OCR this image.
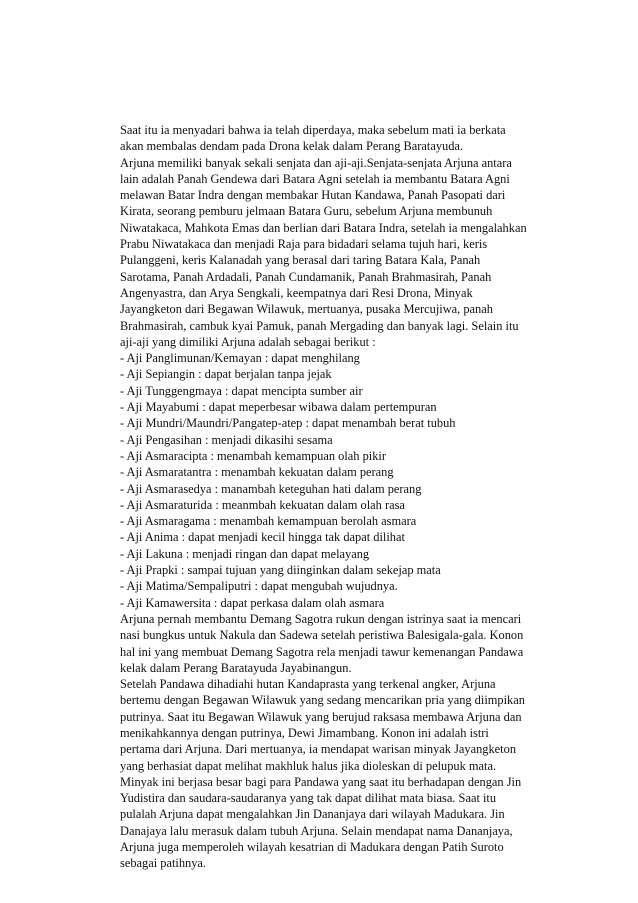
Saat itu ia menyadari bahwa ia telah diperdaya, maka sebelum mati ia berkata
akan membalas dendam pada Drona kelak dalam Perang Baratayuda.
Arjuna memiliki banyak sekali senjata dan aji-aji.Senjata-senjata Arjuna antara
lain adalah Panah Gendewa dari Batara Agni setelah ia membantu Batara Agni
melawan Batar Indra dengan membakar Hutan Kandawa, Panah Pasopati dari
Kirata, seorang pemburu jelmaan Batara Guru, sebelum Arjuna membunuh
Niwatakaca, Mahkota Emas dan berlian dari Batara Indra, setelah ia mengalahkan
Prabu Niwatakaca dan menjadi Raja para bidadari selama tujuh hari, keris
Pulanggeni, keris Kalanadah yang berasal dari taring Batara Kala, Panah
Sarotama, Panah Ardadali, Panah Cundamanik, Panah Brahmasirah, Panah
Angenyastra, dan Arya Sengkali, keempatnya dari Resi Drona, Minyak
Jayangketon dari Begawan Wilawuk, mertuanya, pusaka Mercujiwa, panah
Brahmasirah, cambuk kyai Pamuk, panah Mergading dan banyak lagi. Selain itu
aji-aji yang dimiliki Arjuna adalah sebagai berikut :
- Aji Panglimunan/Kemayan : dapat menghilang
- Aji Sepiangin : dapat berjalan tanpa jejak
- Aji Tunggengmaya : dapat mencipta sumber air
- Aji Mayabumi : dapat meperbesar wibawa dalam pertempuran
- Aji Mundri/Maundri/Pangatep-atep : dapat menambah berat tubuh
- Aji Pengasihan : menjadi dikasihi sesama
- Aji Asmaracipta : menambah kemampuan olah pikir
- Aji Asmaratantra : menambah kekuatan dalam perang
- Aji Asmarasedya : manambah keteguhan hati dalam perang
- Aji Asmaraturida : meanmbah kekuatan dalam olah rasa
- Aji Asmaragama : menambah kemampuan berolah asmara
- Aji Anima : dapat menjadi kecil hingga tak dapat dilihat
- Aji Lakuna : menjadi ringan dan dapat melayang
- Aji Prapki : sampai tujuan yang diinginkan dalam sekejap mata
- Aji Matima/Sempaliputri : dapat mengubah wujudnya.
- Aji Kamawersita : dapat perkasa dalam olah asmara
Arjuna pernah membantu Demang Sagotra rukun dengan istrinya saat ia mencari
nasi bungkus untuk Nakula dan Sadewa setelah peristiwa Balesigala-gala. Konon
hal ini yang membuat Demang Sagotra rela menjadi tawur kemenangan Pandawa
kelak dalam Perang Baratayuda Jayabinangun.
Setelah Pandawa dihadiahi hutan Kandaprasta yang terkenal angker, Arjuna
bertemu dengan Begawan Wilawuk yang sedang mencarikan pria yang diimpikan
putrinya. Saat itu Begawan Wilawuk yang berujud raksasa membawa Arjuna dan
menikahkannya dengan putrinya, Dewi Jimambang. Konon ini adalah istri
pertama dari Arjuna. Dari mertuanya, ia mendapat warisan minyak Jayangketon
yang berhasiat dapat melihat makhluk halus jika dioleskan di pelupuk mata.
Minyak ini berjasa besar bagi para Pandawa yang saat itu berhadapan dengan Jin
Yudistira dan saudara-saudaranya yang tak dapat dilihat mata biasa. Saat itu
pulalah Arjuna dapat mengalahkan Jin Dananjaya dari wilayah Madukara. Jin
Danajaya lalu merasuk dalam tubuh Arjuna. Selain mendapat nama Dananjaya,
Arjuna juga memperoleh wilayah kesatrian di Madukara dengan Patih Suroto
sebagai patihnya.
